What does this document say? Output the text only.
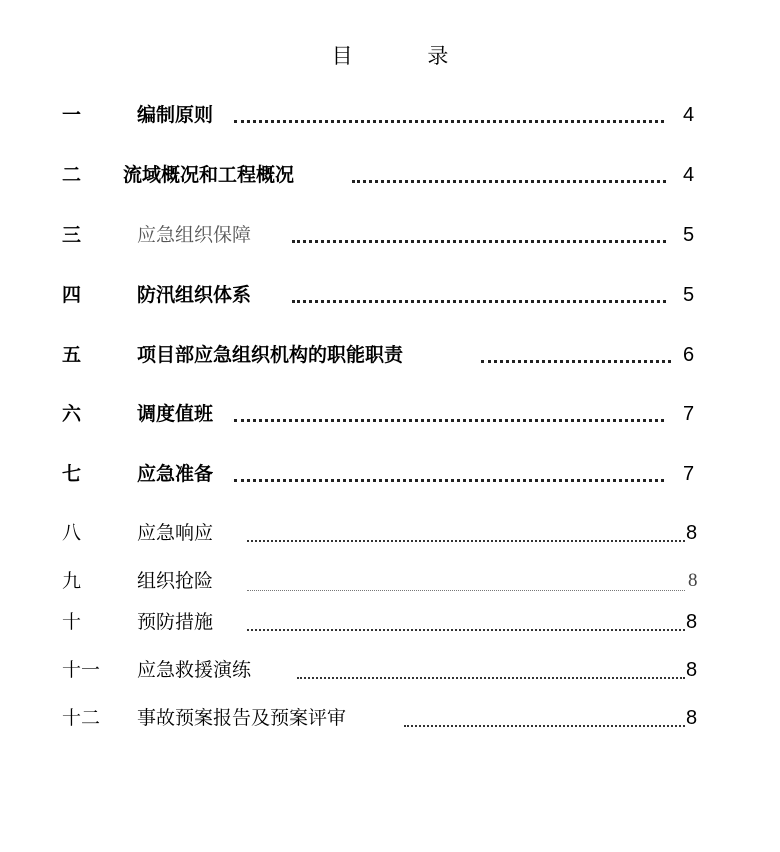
目 录
一	编制原则	4
二 流域概况和工程概况	4
三	应急组织保障	5
四	防汛组织体系	5
五	项目部应急组织机构的职能职责	6
六	调度值班	7
七	应急准备	7
八	应急响应	8
九	组织抢险	8
十	预防措施	8
十一 应急救援演练	8
十二 事故预案报告及预案评审	8
